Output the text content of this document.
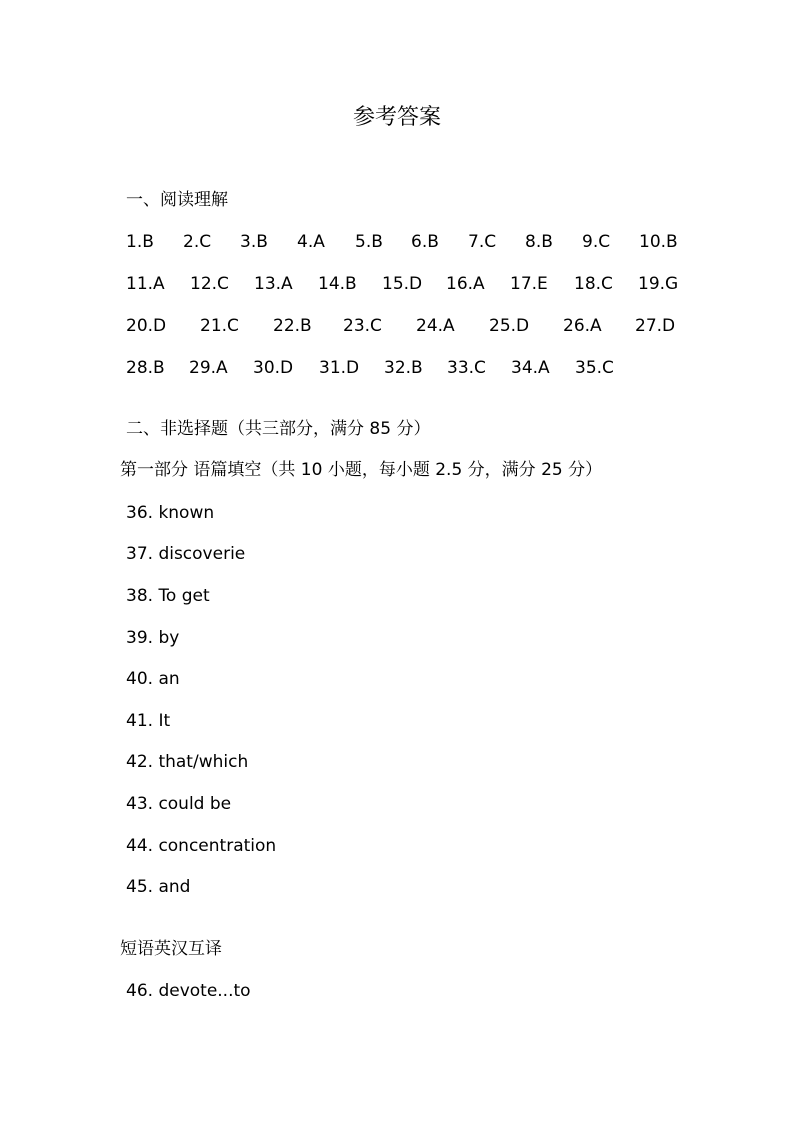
参考答案
一、阅读理解
1.B 2.C 3.B 4.A 5.B 6.B 7.C 8.B 9.C 10.B
11.A 12.C 13.A 14.B 15.D 16.A 17.E 18.C 19.G
20.D 21.C 22.B 23.C 24.A 25.D 26.A 27.D
28.B 29.A 30.D 31.D 32.B 33.C 34.A 35.C
二、非选择题（共三部分，满分 85 分）
第一部分 语篇填空（共 10 小题，每小题 2.5 分，满分 25 分）
36. known
37. discoverie
38. To get
39. by
40. an
41. It
42. that/which
43. could be
44. concentration
45. and
短语英汉互译
46. devote...to
